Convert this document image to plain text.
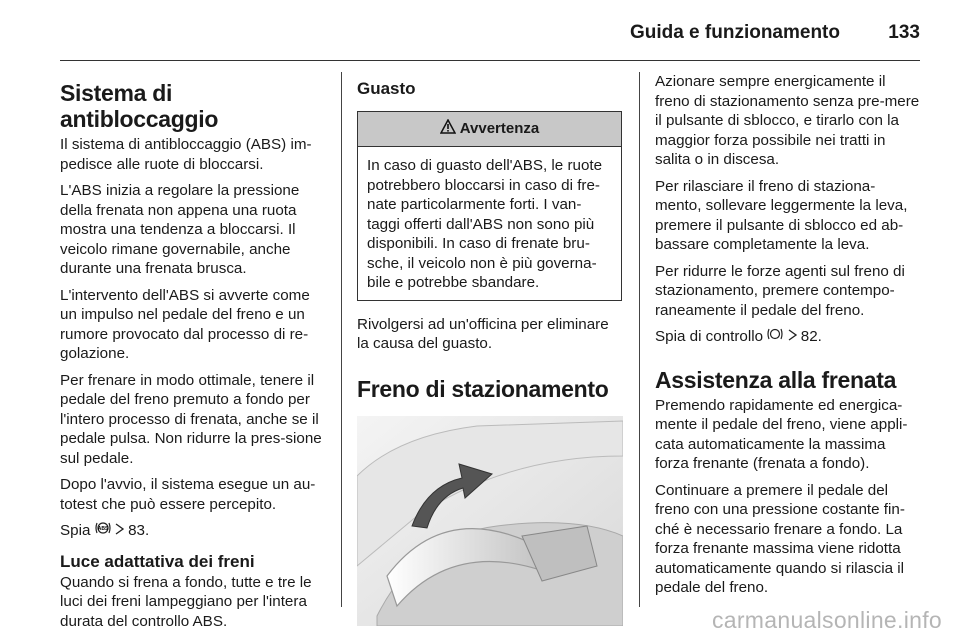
Guida e funzionamento	133
Sistema di antibloccaggio

Il sistema di antibloccaggio (ABS) im-pedisce alle ruote di bloccarsi.

L'ABS inizia a regolare la pressione della frenata non appena una ruota mostra una tendenza a bloccarsi. Il veicolo rimane governabile, anche durante una frenata brusca.

L'intervento dell'ABS si avverte come un impulso nel pedale del freno e un rumore provocato dal processo di re-golazione.

Per frenare in modo ottimale, tenere il pedale del freno premuto a fondo per l'intero processo di frenata, anche se il pedale pulsa. Non ridurre la pres-sione sul pedale.

Dopo l'avvio, il sistema esegue un au-totest che può essere percepito.

Spia ABS 83.

Luce adattativa dei freni

Quando si frena a fondo, tutte e tre le luci dei freni lampeggiano per l'intera durata del controllo ABS.

Guasto
Avvertenza

In caso di guasto dell'ABS, le ruote potrebbero bloccarsi in caso di fre-nate particolarmente forti. I van-taggi offerti dall'ABS non sono più disponibili. In caso di frenate bru-sche, il veicolo non è più governa-bile e potrebbe sbandare.

Rivolgersi ad un'officina per eliminare la causa del guasto.

Freno di stazionamento

Azionare sempre energicamente il freno di stazionamento senza pre-mere il pulsante di sblocco, e tirarlo con la maggior forza possibile nei tratti in salita o in discesa.

Per rilasciare il freno di staziona-mento, sollevare leggermente la leva, premere il pulsante di sblocco ed ab-bassare completamente la leva.

Per ridurre le forze agenti sul freno di stazionamento, premere contempo-raneamente il pedale del freno.

Spia di controllo 82.

Assistenza alla frenata

Premendo rapidamente ed energica-mente il pedale del freno, viene appli-cata automaticamente la massima forza frenante (frenata a fondo).

Continuare a premere il pedale del freno con una pressione costante fin-ché è necessario frenare a fondo. La forza frenante massima viene ridotta automaticamente quando si rilascia il pedale del freno.

carmanualsonline.info
